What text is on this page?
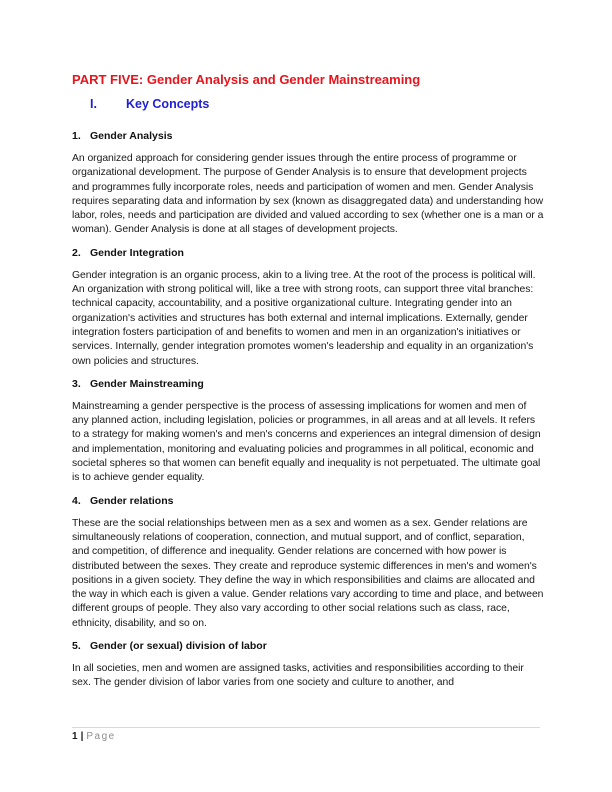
PART FIVE: Gender Analysis and Gender Mainstreaming
I. Key Concepts
1. Gender Analysis

An organized approach for considering gender issues through the entire process of programme or organizational development. The purpose of Gender Analysis is to ensure that development projects and programmes fully incorporate roles, needs and participation of women and men. Gender Analysis requires separating data and information by sex (known as disaggregated data) and understanding how labor, roles, needs and participation are divided and valued according to sex (whether one is a man or a woman). Gender Analysis is done at all stages of development projects.

2. Gender Integration

Gender integration is an organic process, akin to a living tree. At the root of the process is political will. An organization with strong political will, like a tree with strong roots, can support three vital branches: technical capacity, accountability, and a positive organizational culture. Integrating gender into an organization's activities and structures has both external and internal implications. Externally, gender integration fosters participation of and benefits to women and men in an organization's initiatives or services. Internally, gender integration promotes women's leadership and equality in an organization's own policies and structures.

3. Gender Mainstreaming

Mainstreaming a gender perspective is the process of assessing implications for women and men of any planned action, including legislation, policies or programmes, in all areas and at all levels. It refers to a strategy for making women's and men's concerns and experiences an integral dimension of design and implementation, monitoring and evaluating policies and programmes in all political, economic and societal spheres so that women can benefit equally and inequality is not perpetuated. The ultimate goal is to achieve gender equality.

4. Gender relations

These are the social relationships between men as a sex and women as a sex. Gender relations are simultaneously relations of cooperation, connection, and mutual support, and of conflict, separation, and competition, of difference and inequality. Gender relations are concerned with how power is distributed between the sexes. They create and reproduce systemic differences in men's and women's positions in a given society. They define the way in which responsibilities and claims are allocated and the way in which each is given a value. Gender relations vary according to time and place, and between different groups of people. They also vary according to other social relations such as class, race, ethnicity, disability, and so on.

5. Gender (or sexual) division of labor

In all societies, men and women are assigned tasks, activities and responsibilities according to their sex. The gender division of labor varies from one society and culture to another, and

1 | Page
